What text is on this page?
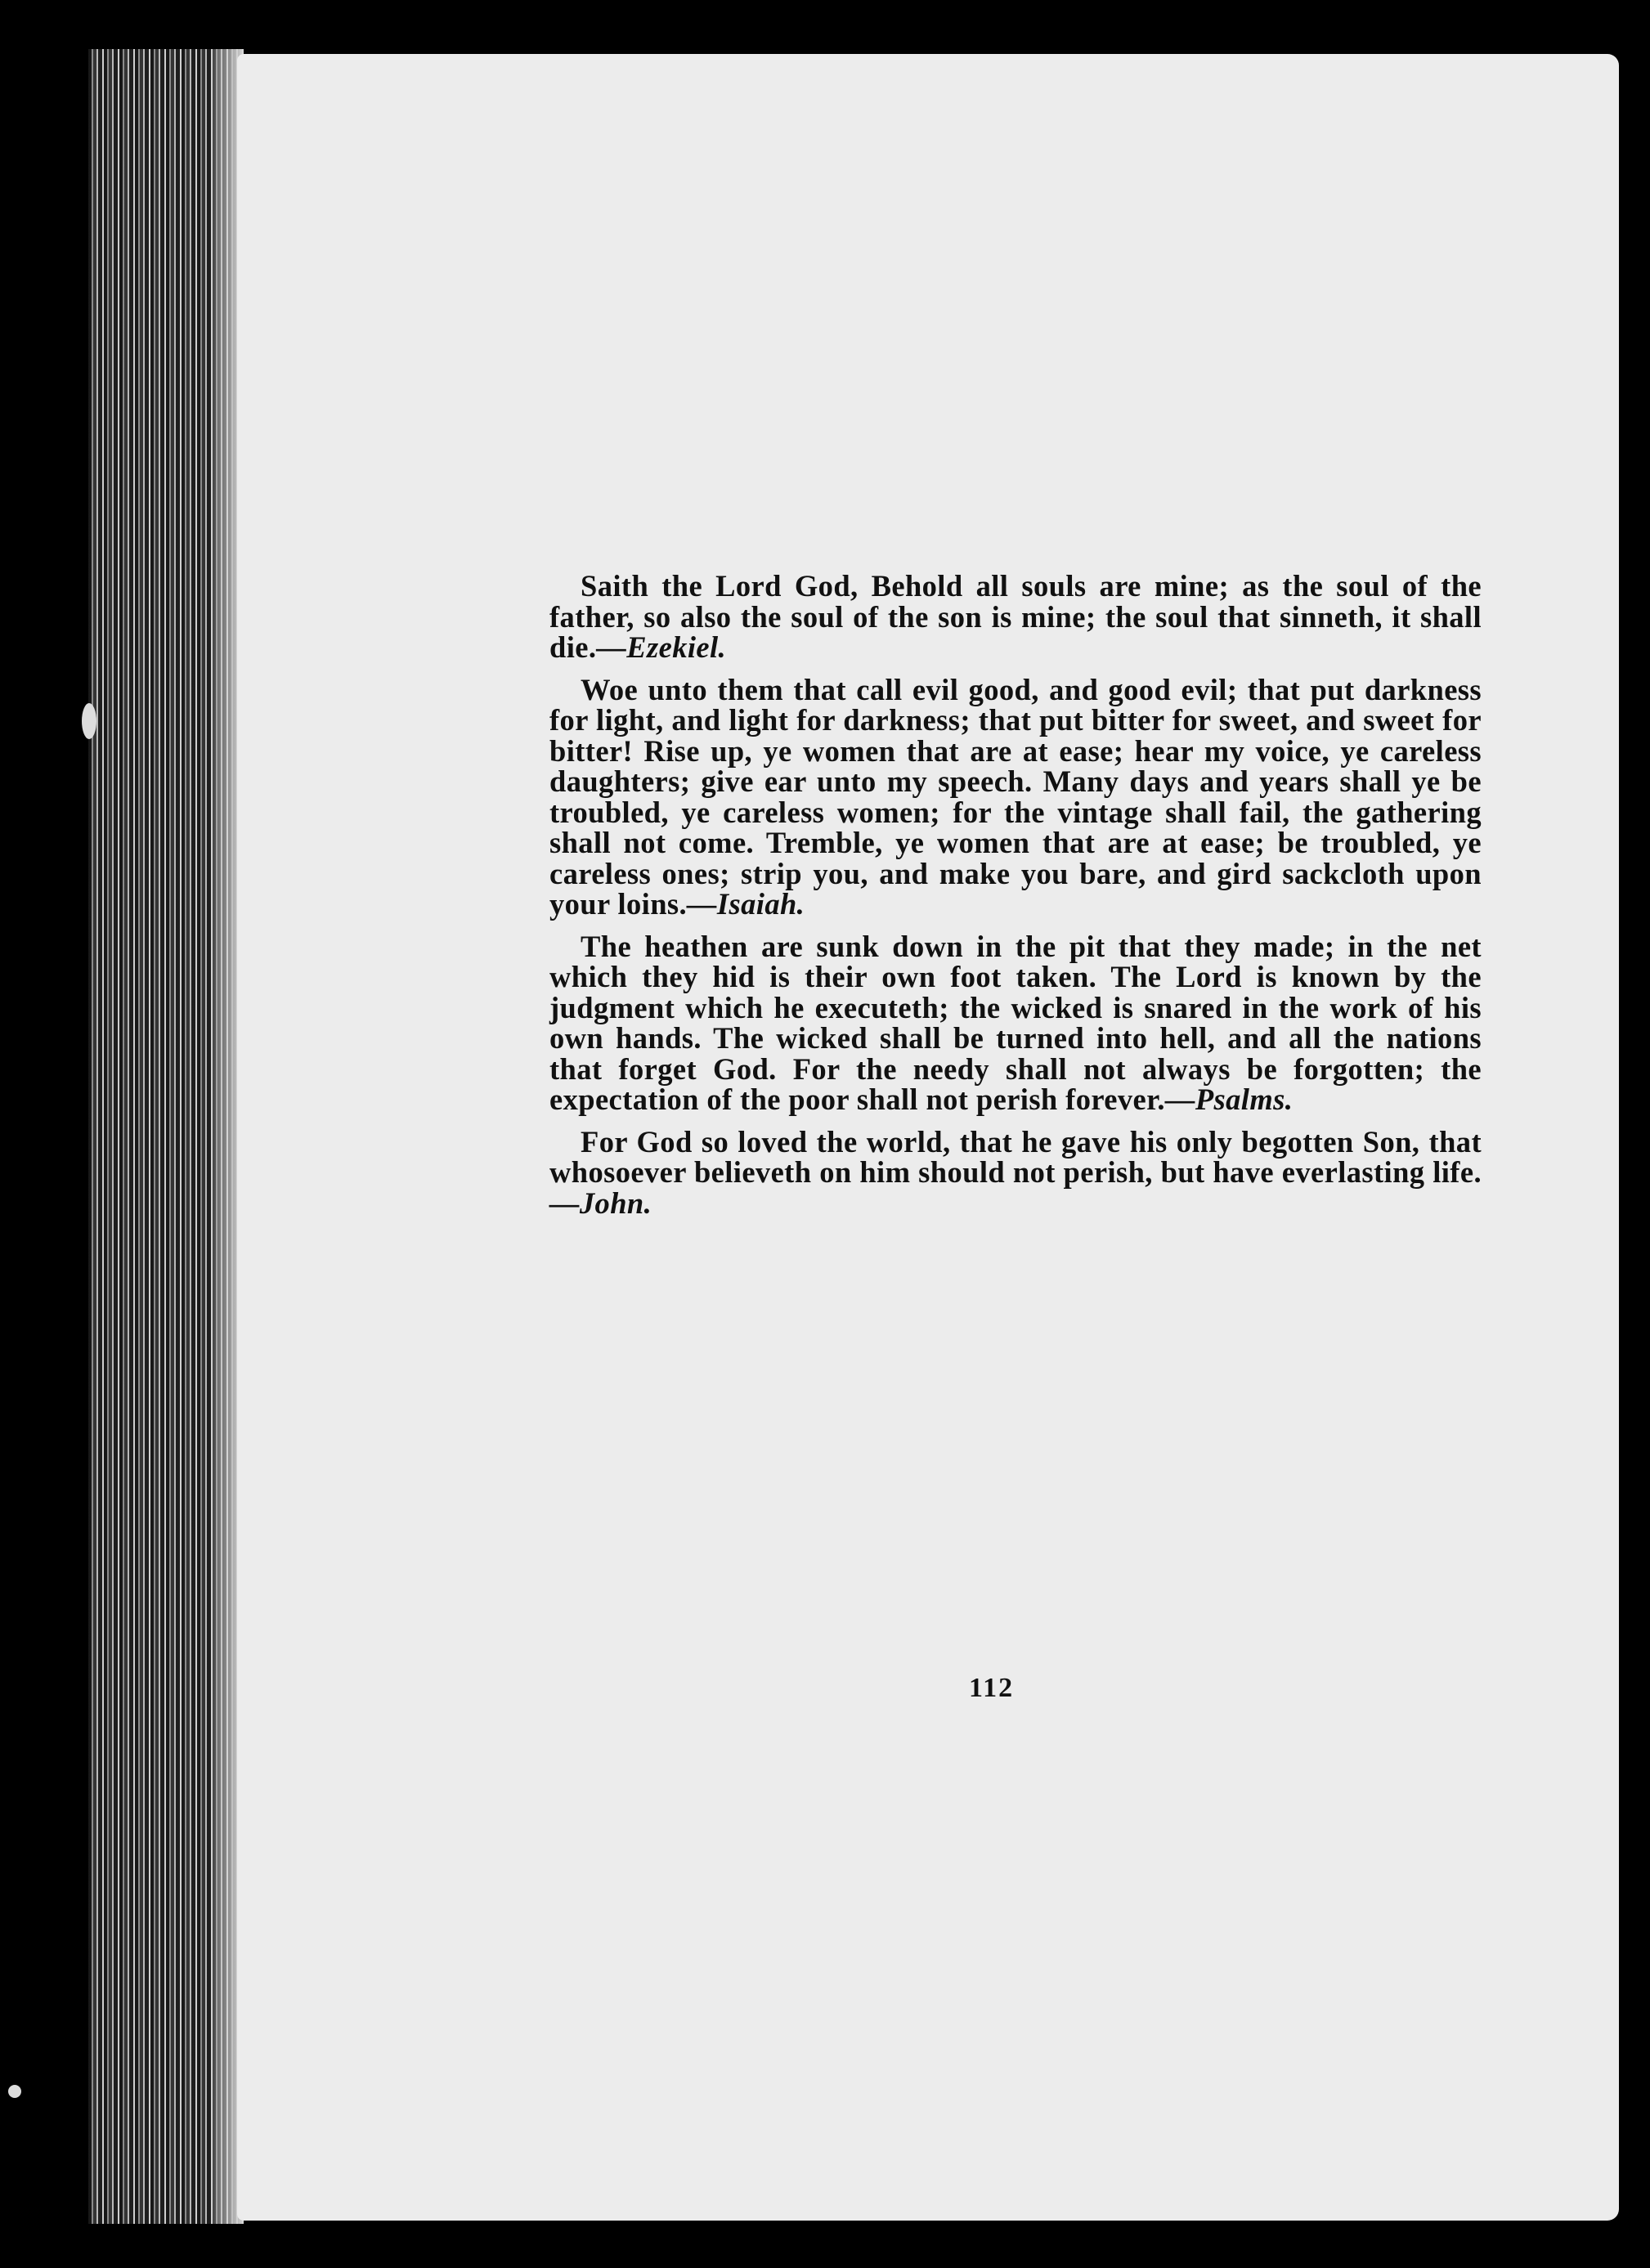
Saith the Lord God, Behold all souls are mine; as the soul of the father, so also the soul of the son is mine; the soul that sinneth, it shall die.—Ezekiel.

Woe unto them that call evil good, and good evil; that put darkness for light, and light for darkness; that put bitter for sweet, and sweet for bitter! Rise up, ye women that are at ease; hear my voice, ye careless daughters; give ear unto my speech. Many days and years shall ye be troubled, ye careless women; for the vintage shall fail, the gathering shall not come. Tremble, ye women that are at ease; be troubled, ye careless ones; strip you, and make you bare, and gird sackcloth upon your loins.—Isaiah.

The heathen are sunk down in the pit that they made; in the net which they hid is their own foot taken. The Lord is known by the judgment which he executeth; the wicked is snared in the work of his own hands. The wicked shall be turned into hell, and all the nations that forget God. For the needy shall not always be forgotten; the expectation of the poor shall not perish forever.—Psalms.

For God so loved the world, that he gave his only begotten Son, that whosoever believeth on him should not perish, but have everlasting life.—John.

112
